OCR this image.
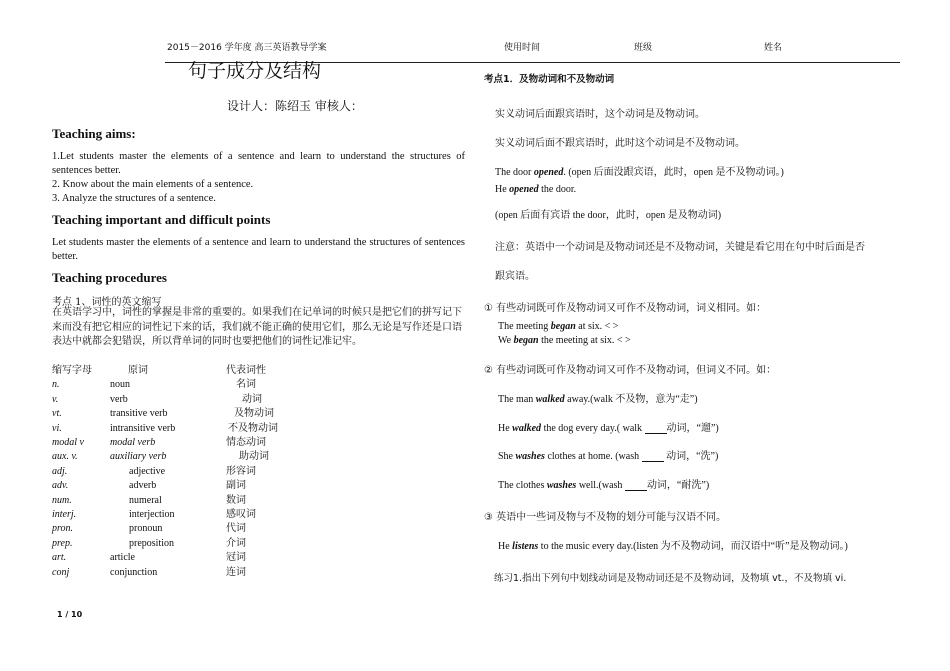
2015－2016 学年度 高三英语教导学案	使用时间	班级	姓名
句子成分及结构
设计人：陈绍玉 审核人：
Teaching aims:
1.Let students master the elements of a sentence and learn to understand the structures of sentences better.
2. Know about the main elements of a sentence.
3. Analyze the structures of a sentence.
Teaching important and difficult points
Let students master the elements of a sentence and learn to understand the structures of sentences better.
Teaching procedures
考点 1、词性的英文缩写
在英语学习中，词性的掌握是非常的重要的。如果我们在记单词的时候只是把它们的拼写记下来而没有把它相应的词性记下来的话，我们就不能正确的使用它们，那么无论是写作还是口语表达中就都会犯错误，所以背单词的同时也要把他们的词性记准记牢。
缩写字母	原词	代表词性
n.	noun	名词
v.	verb	动词
vt.	transitive verb	及物动词
vi.	intransitive verb	不及物动词
modal v	modal verb	情态动词
aux. v.	auxiliary verb	助动词
adj.	adjective	形容词
adv.	adverb	副词
num.	numeral	数词
interj.	interjection	感叹词
pron.	pronoun	代词
prep.	preposition	介词
art.	article	冠词
conj	conjunction	连词
考点1．及物动词和不及物动词
实义动词后面跟宾语时，这个动词是及物动词。
实义动词后面不跟宾语时，此时这个动词是不及物动词。
The door opened. (open 后面没跟宾语，此时，open 是不及物动词。)
He opened the door.
(open 后面有宾语 the door，此时，open 是及物动词)
注意：英语中一个动词是及物动词还是不及物动词，关键是看它用在句中时后面是否
跟宾语。
① 有些动词既可作及物动词又可作不及物动词，词义相同。如：
The meeting began at six. < >
We began the meeting at six. < >
② 有些动词既可作及物动词又可作不及物动词，但词义不同。如：
The man walked away.(walk 不及物，意为“走”)
He walked the dog every day.( walk 动词，“遛”)
She washes clothes at home. (wash  动词，“洗”)
The clothes washes well.(wash 动词，“耐洗”)
③ 英语中一些词及物与不及物的划分可能与汉语不同。
He listens to the music every day.(listen 为不及物动词，而汉语中“听”是及物动词。)
练习1.指出下列句中划线动词是及物动词还是不及物动词，及物填 vt.，不及物填 vi.
1 / 10
